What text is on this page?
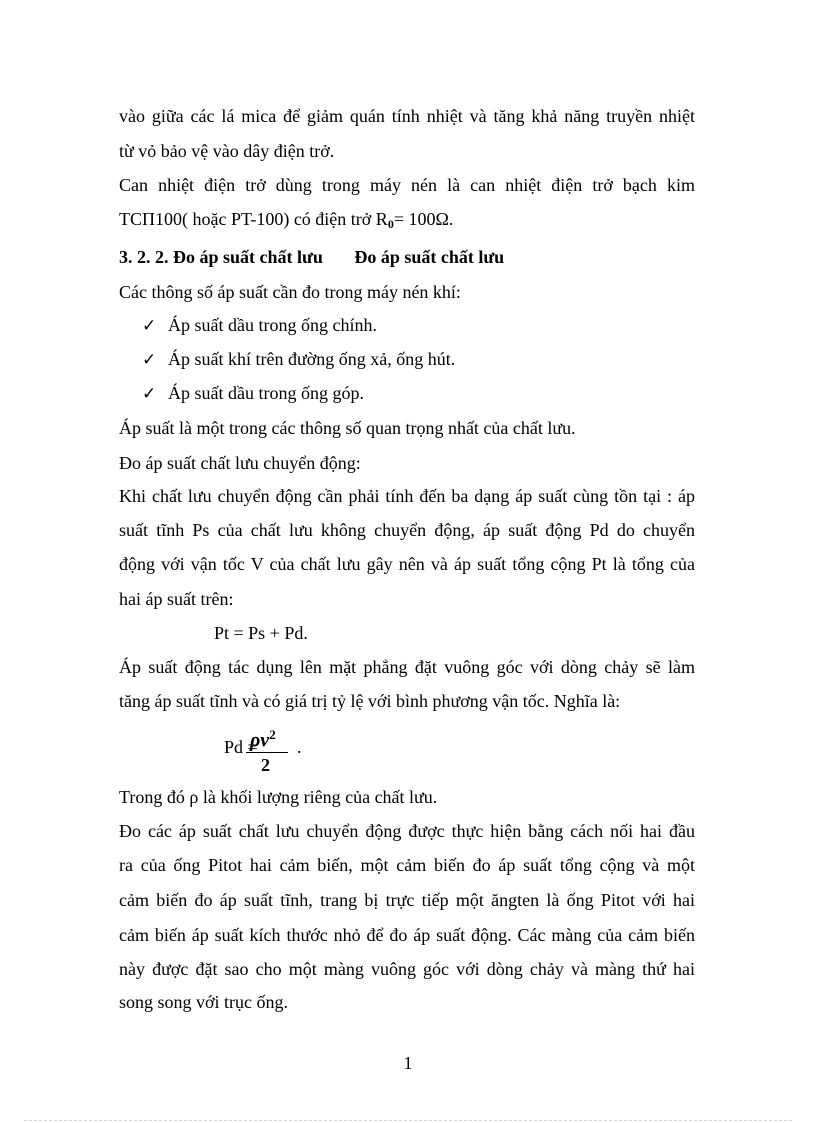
vào giữa các lá mica để giảm quán tính nhiệt và tăng khả năng truyền nhiệt
từ vỏ bảo vệ vào dây điện trở.
Can nhiệt điện trở dùng trong máy nén là can nhiệt điện trở bạch kim
TCП100( hoặc PT-100) có điện trở $R_0= 100\Omega$.
3. 2. 2. Đo áp suất chất lưu       Đo áp suất chất lưu
Các thông số áp suất cần đo trong máy nén khí:
✓ Áp suất dầu trong ống chính.
✓ Áp suất khí trên đường ống xả, ống hút.
✓ Áp suất dầu trong ống góp.
Áp suất là một trong các thông số quan trọng nhất của chất lưu.
Đo áp suất chất lưu chuyển động:
Khi chất lưu chuyển động cần phải tính đến ba dạng áp suất cùng tồn tại : áp
suất tĩnh Ps của chất lưu không chuyển động, áp suất động Pd do chuyển
động với vận tốc V của chất lưu gây nên và áp suất tổng cộng Pt là tổng của
hai áp suất trên:
Pt = Ps + Pd.
Áp suất động tác dụng lên mặt phẳng đặt vuông góc với dòng chảy sẽ làm
tăng áp suất tĩnh và có giá trị tỷ lệ với bình phương vận tốc. Nghĩa là:
Pd =
$\rho v^2$
2
.
Trong đó ρ là khối lượng riêng của chất lưu.
Đo các áp suất chất lưu chuyển động được thực hiện bằng cách nối hai đầu
ra của ống Pitot hai cảm biến, một cảm biến đo áp suất tổng cộng và một
cảm biến đo áp suất tĩnh, trang bị trực tiếp một ăngten là ống Pitot với hai
cảm biến áp suất kích thước nhỏ để đo áp suất động. Các màng của cảm biến
này được đặt sao cho một màng vuông góc với dòng chảy và màng thứ hai
song song với trục ống.
1
